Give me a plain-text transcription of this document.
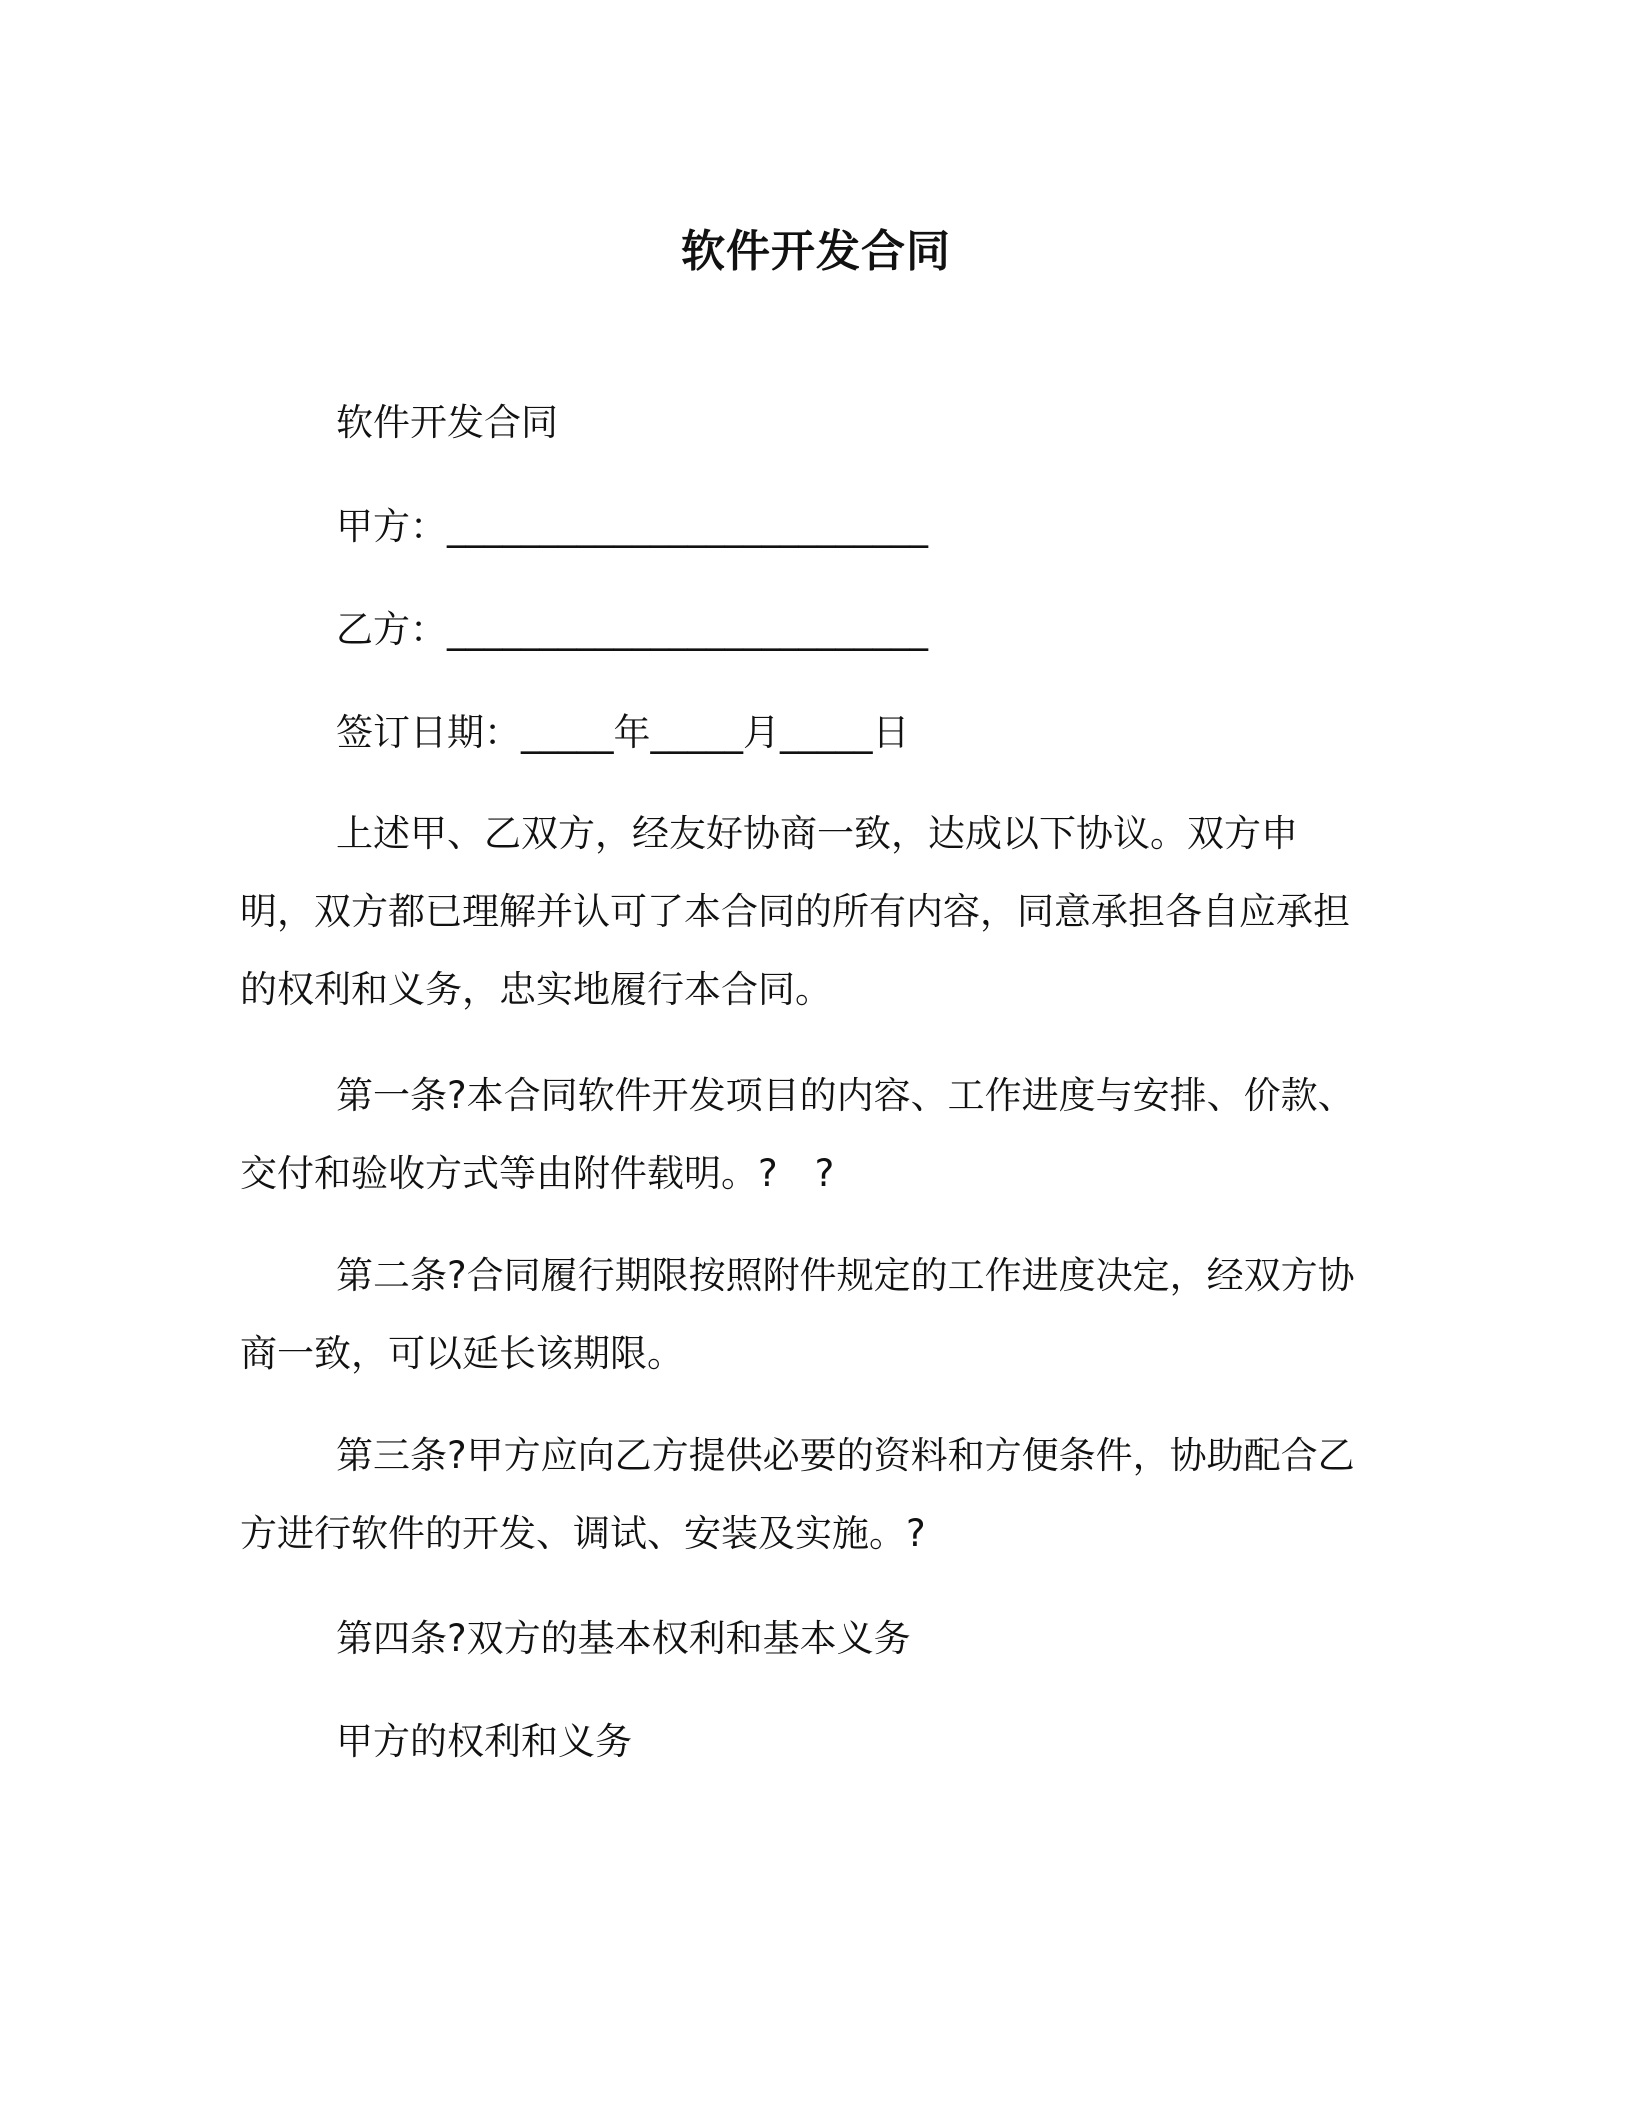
软件开发合同
软件开发合同
甲方：__________________________
乙方：__________________________
签订日期：_____年_____月_____日
上述甲、乙双方，经友好协商一致，达成以下协议。双方申明，双方都已理解并认可了本合同的所有内容，同意承担各自应承担的权利和义务，忠实地履行本合同。
第一条?本合同软件开发项目的内容、工作进度与安排、价款、交付和验收方式等由附件载明。?　?
第二条?合同履行期限按照附件规定的工作进度决定，经双方协商一致，可以延长该期限。
第三条?甲方应向乙方提供必要的资料和方便条件，协助配合乙方进行软件的开发、调试、安装及实施。?
第四条?双方的基本权利和基本义务
甲方的权利和义务
